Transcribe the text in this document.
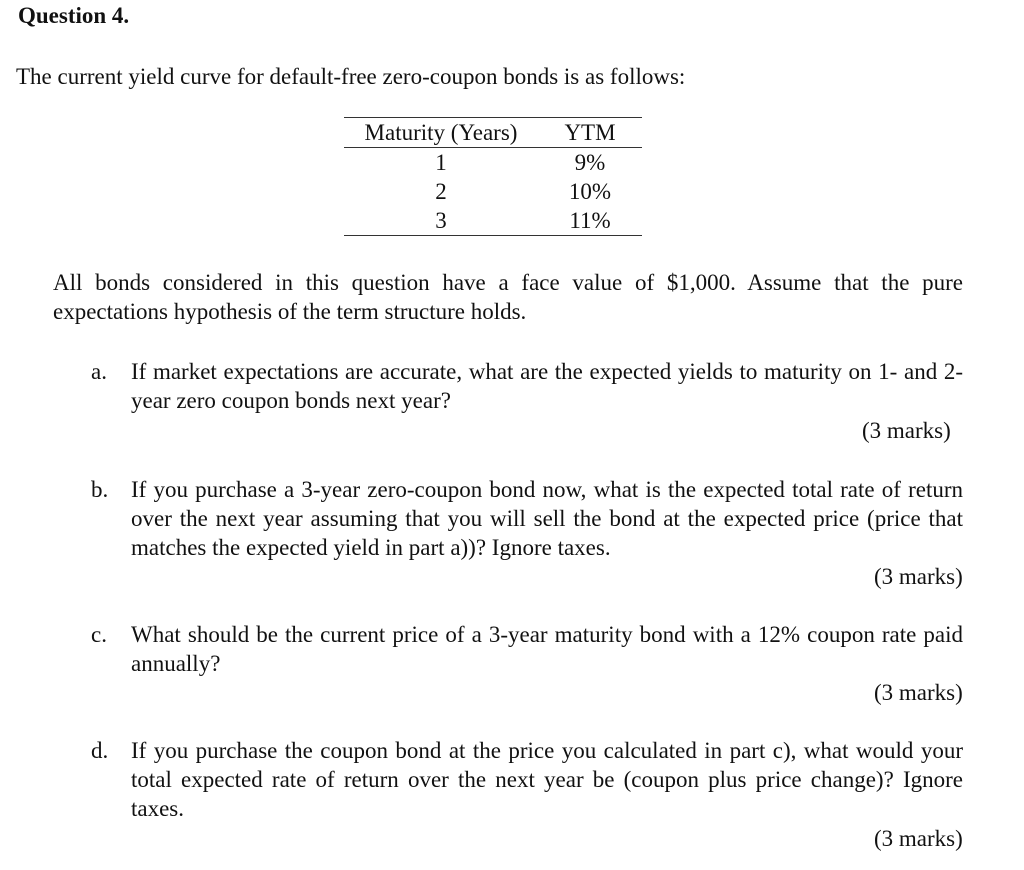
Question 4.
The current yield curve for default-free zero-coupon bonds is as follows:
Maturity (Years)	YTM
1	9%
2	10%
3	11%
All bonds considered in this question have a face value of $1,000. Assume that the pure expectations hypothesis of the term structure holds.
a. If market expectations are accurate, what are the expected yields to maturity on 1- and 2-year zero coupon bonds next year?
(3 marks)
b. If you purchase a 3-year zero-coupon bond now, what is the expected total rate of return over the next year assuming that you will sell the bond at the expected price (price that matches the expected yield in part a))? Ignore taxes.
(3 marks)
c. What should be the current price of a 3-year maturity bond with a 12% coupon rate paid annually?
(3 marks)
d. If you purchase the coupon bond at the price you calculated in part c), what would your total expected rate of return over the next year be (coupon plus price change)? Ignore taxes.
(3 marks)
